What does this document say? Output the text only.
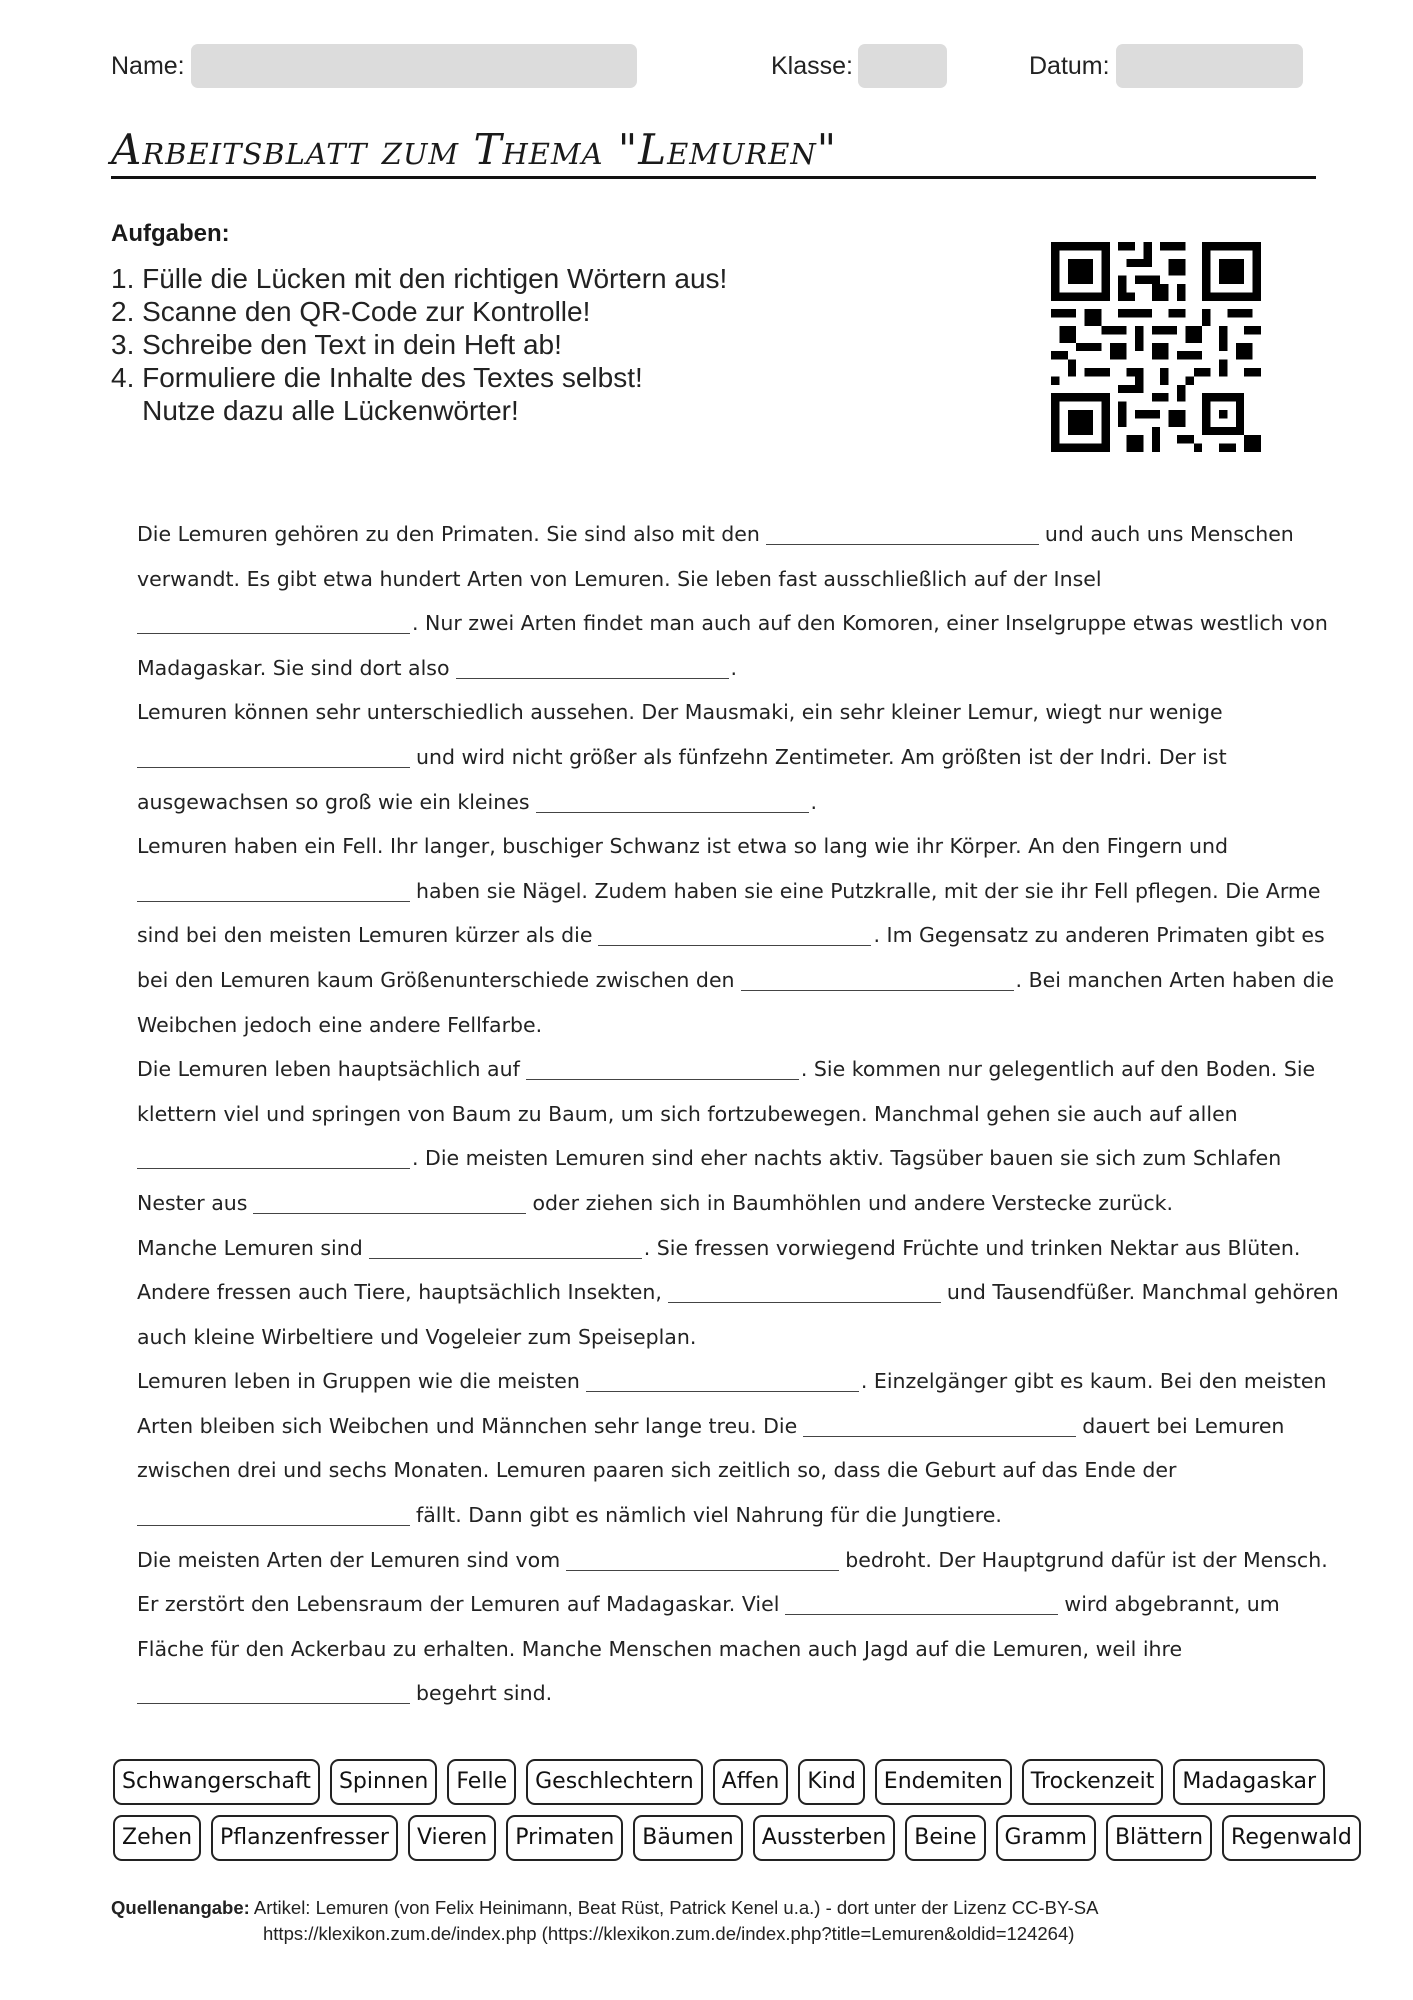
Name:	Klasse:	Datum:
Arbeitsblatt zum Thema "Lemuren"
Aufgaben:
1. Fülle die Lücken mit den richtigen Wörtern aus!
2. Scanne den QR-Code zur Kontrolle!
3. Schreibe den Text in dein Heft ab!
4. Formuliere die Inhalte des Textes selbst!
Nutze dazu alle Lückenwörter!
Die Lemuren gehören zu den Primaten. Sie sind also mit den	und auch uns Menschen
verwandt. Es gibt etwa hundert Arten von Lemuren. Sie leben fast ausschließlich auf der Insel
. Nur zwei Arten findet man auch auf den Komoren, einer Inselgruppe etwas westlich von
Madagaskar. Sie sind dort also	.
Lemuren können sehr unterschiedlich aussehen. Der Mausmaki, ein sehr kleiner Lemur, wiegt nur wenige
und wird nicht größer als fünfzehn Zentimeter. Am größten ist der Indri. Der ist
ausgewachsen so groß wie ein kleines	.
Lemuren haben ein Fell. Ihr langer, buschiger Schwanz ist etwa so lang wie ihr Körper. An den Fingern und
haben sie Nägel. Zudem haben sie eine Putzkralle, mit der sie ihr Fell pflegen. Die Arme
sind bei den meisten Lemuren kürzer als die	. Im Gegensatz zu anderen Primaten gibt es
bei den Lemuren kaum Größenunterschiede zwischen den	. Bei manchen Arten haben die
Weibchen jedoch eine andere Fellfarbe.
Die Lemuren leben hauptsächlich auf	. Sie kommen nur gelegentlich auf den Boden. Sie
klettern viel und springen von Baum zu Baum, um sich fortzubewegen. Manchmal gehen sie auch auf allen
. Die meisten Lemuren sind eher nachts aktiv. Tagsüber bauen sie sich zum Schlafen
Nester aus	oder ziehen sich in Baumhöhlen und andere Verstecke zurück.
Manche Lemuren sind	. Sie fressen vorwiegend Früchte und trinken Nektar aus Blüten.
Andere fressen auch Tiere, hauptsächlich Insekten,	und Tausendfüßer. Manchmal gehören
auch kleine Wirbeltiere und Vogeleier zum Speiseplan.
Lemuren leben in Gruppen wie die meisten	. Einzelgänger gibt es kaum. Bei den meisten
Arten bleiben sich Weibchen und Männchen sehr lange treu. Die	dauert bei Lemuren
zwischen drei und sechs Monaten. Lemuren paaren sich zeitlich so, dass die Geburt auf das Ende der
fällt. Dann gibt es nämlich viel Nahrung für die Jungtiere.
Die meisten Arten der Lemuren sind vom	bedroht. Der Hauptgrund dafür ist der Mensch.
Er zerstört den Lebensraum der Lemuren auf Madagaskar. Viel	wird abgebrannt, um
Fläche für den Ackerbau zu erhalten. Manche Menschen machen auch Jagd auf die Lemuren, weil ihre
begehrt sind.
Schwangerschaft	Spinnen	Felle	Geschlechtern	Affen	Kind	Endemiten	Trockenzeit	Madagaskar
Zehen	Pflanzenfresser	Vieren	Primaten	Bäumen	Aussterben	Beine	Gramm	Blättern	Regenwald
Quellenangabe: Artikel: Lemuren (von Felix Heinimann, Beat Rüst, Patrick Kenel u.a.) - dort unter der Lizenz CC-BY-SA
https://klexikon.zum.de/index.php (https://klexikon.zum.de/index.php?title=Lemuren&oldid=124264)
